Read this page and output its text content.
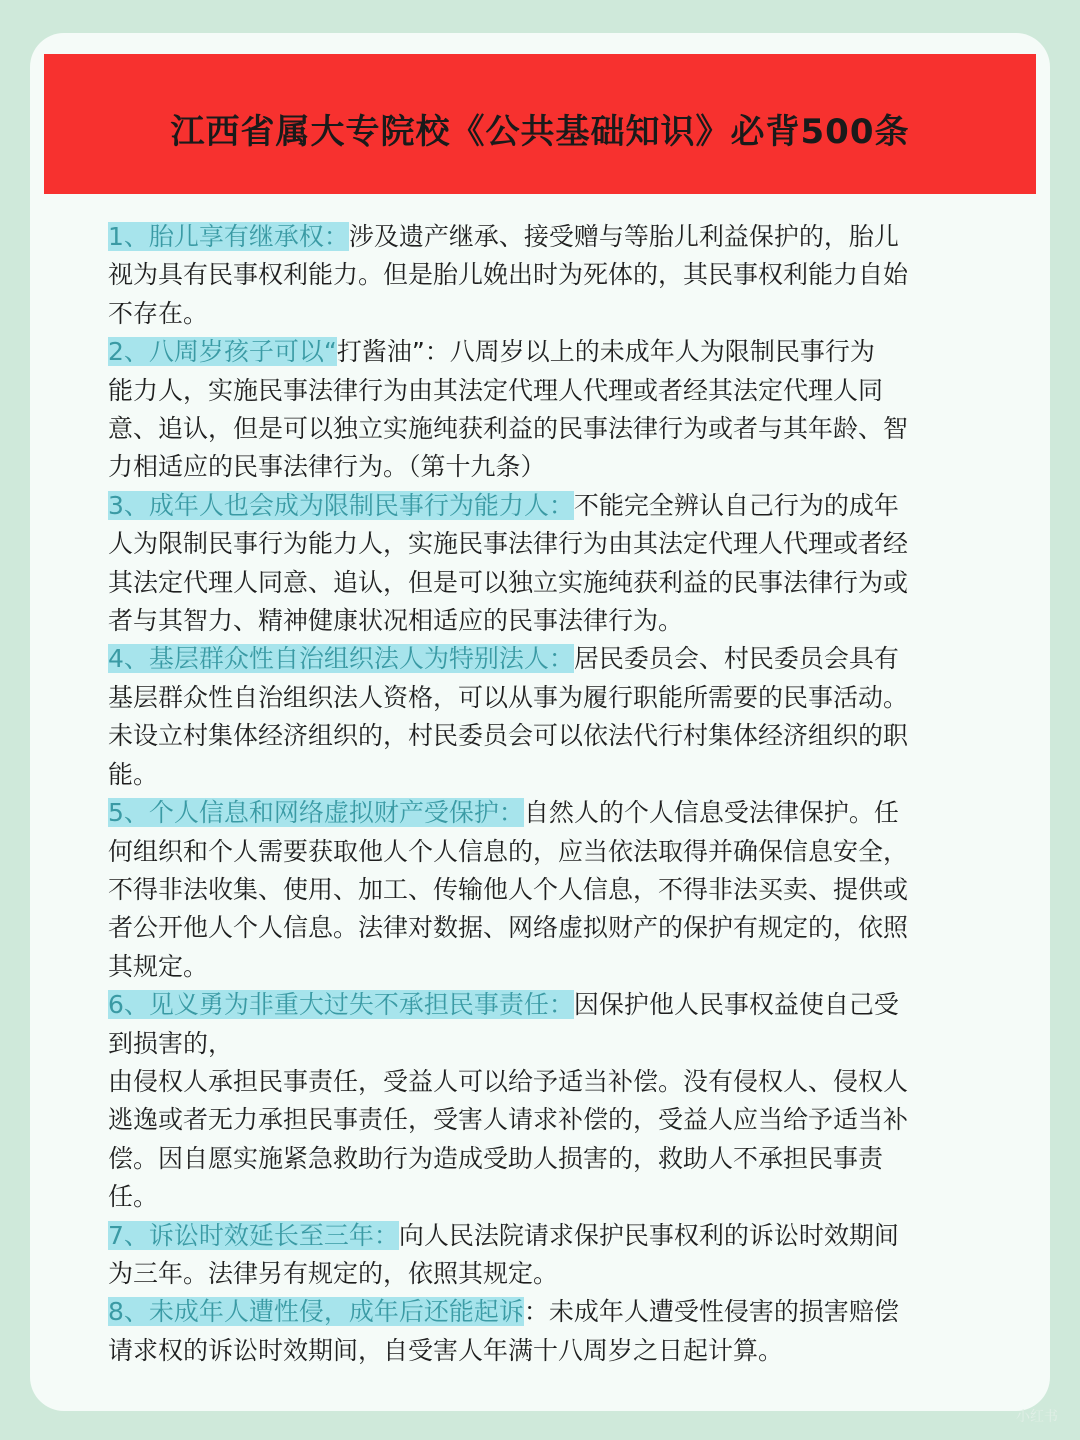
江西省属大专院校《公共基础知识》必背500条
1、胎儿享有继承权：涉及遗产继承、接受赠与等胎儿利益保护的，胎儿
视为具有民事权利能力。但是胎儿娩出时为死体的，其民事权利能力自始
不存在。
2、八周岁孩子可以“打酱油”：八周岁以上的未成年人为限制民事行为
能力人，实施民事法律行为由其法定代理人代理或者经其法定代理人同
意、追认，但是可以独立实施纯获利益的民事法律行为或者与其年龄、智
力相适应的民事法律行为。（第十九条）
3、成年人也会成为限制民事行为能力人：不能完全辨认自己行为的成年
人为限制民事行为能力人，实施民事法律行为由其法定代理人代理或者经
其法定代理人同意、追认，但是可以独立实施纯获利益的民事法律行为或
者与其智力、精神健康状况相适应的民事法律行为。
4、基层群众性自治组织法人为特别法人：居民委员会、村民委员会具有
基层群众性自治组织法人资格，可以从事为履行职能所需要的民事活动。
未设立村集体经济组织的，村民委员会可以依法代行村集体经济组织的职
能。
5、个人信息和网络虚拟财产受保护：自然人的个人信息受法律保护。任
何组织和个人需要获取他人个人信息的，应当依法取得并确保信息安全，
不得非法收集、使用、加工、传输他人个人信息，不得非法买卖、提供或
者公开他人个人信息。法律对数据、网络虚拟财产的保护有规定的，依照
其规定。
6、见义勇为非重大过失不承担民事责任：因保护他人民事权益使自己受
到损害的，
由侵权人承担民事责任，受益人可以给予适当补偿。没有侵权人、侵权人
逃逸或者无力承担民事责任，受害人请求补偿的，受益人应当给予适当补
偿。因自愿实施紧急救助行为造成受助人损害的，救助人不承担民事责
任。
7、诉讼时效延长至三年：向人民法院请求保护民事权利的诉讼时效期间
为三年。法律另有规定的，依照其规定。
8、未成年人遭性侵，成年后还能起诉：未成年人遭受性侵害的损害赔偿
请求权的诉讼时效期间，自受害人年满十八周岁之日起计算。
小红书
